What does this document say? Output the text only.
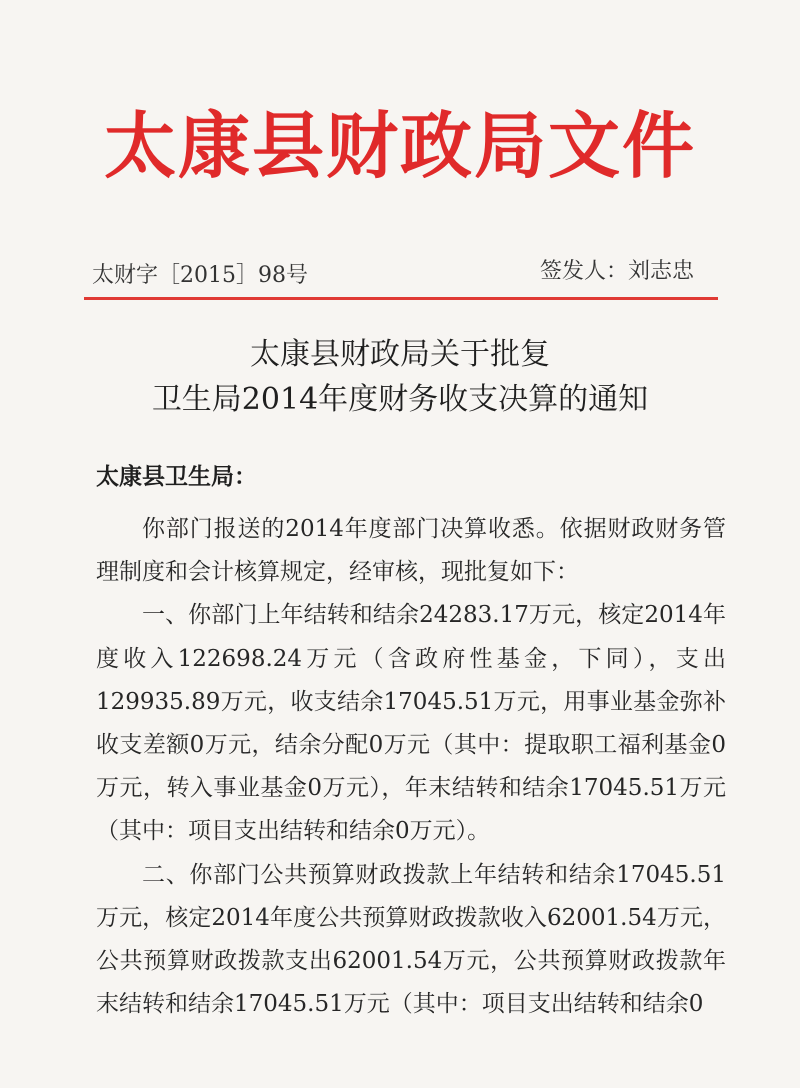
太康县财政局文件
太财字［2015］98号	签发人：刘志忠
太康县财政局关于批复
卫生局2014年度财务收支决算的通知
太康县卫生局：

你部门报送的2014年度部门决算收悉。依据财政财务管理制度和会计核算规定，经审核，现批复如下：

一、你部门上年结转和结余24283.17万元，核定2014年度收入122698.24万元（含政府性基金，下同），支出129935.89万元，收支结余17045.51万元，用事业基金弥补收支差额0万元，结余分配0万元（其中：提取职工福利基金0万元，转入事业基金0万元），年末结转和结余17045.51万元（其中：项目支出结转和结余0万元）。

二、你部门公共预算财政拨款上年结转和结余17045.51万元，核定2014年度公共预算财政拨款收入62001.54万元，公共预算财政拨款支出62001.54万元，公共预算财政拨款年末结转和结余17045.51万元（其中：项目支出结转和结余0
